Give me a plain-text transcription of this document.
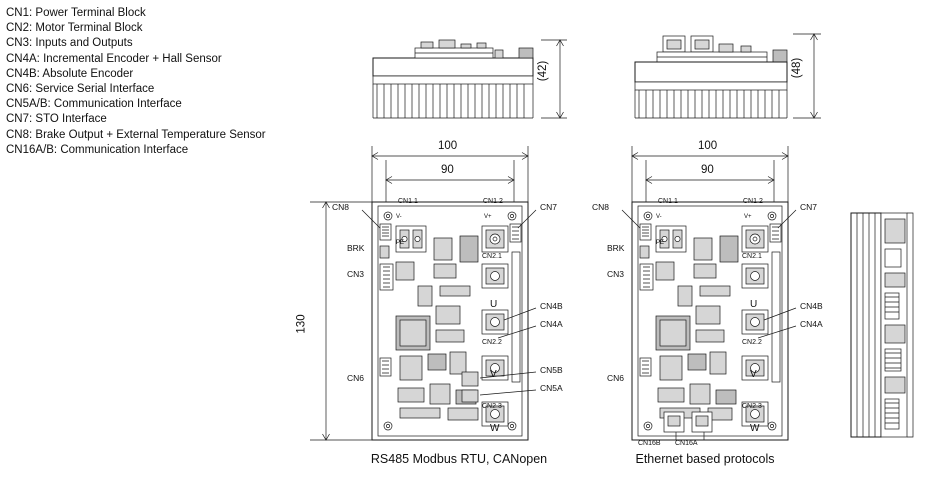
CN1: Power Terminal Block
CN2: Motor Terminal Block
CN3: Inputs and Outputs
CN4A: Incremental Encoder + Hall Sensor
CN4B: Absolute Encoder
CN6: Service Serial Interface
CN5A/B: Communication Interface
CN7: STO Interface
CN8: Brake Output + External Temperature Sensor
CN16A/B: Communication Interface
(42)	(48)
CN8
BRK
CN3
CN6
CN7
CN4B
CN4A
CN5B
CN5A
CN1.1	CN1.2
CN2.1
CN2.2
CN2.3
U
V
W
V-
PE
V+
100
90
130
RS485 Modbus RTU, CANopen
CN8
BRK
CN3
CN6
CN7
CN4B
CN4A
CN16B CN16A
CN1.1	CN1.2
CN2.1
CN2.2
CN2.3
U
V
W
V-
PE
V+
100
90
Ethernet based protocols
